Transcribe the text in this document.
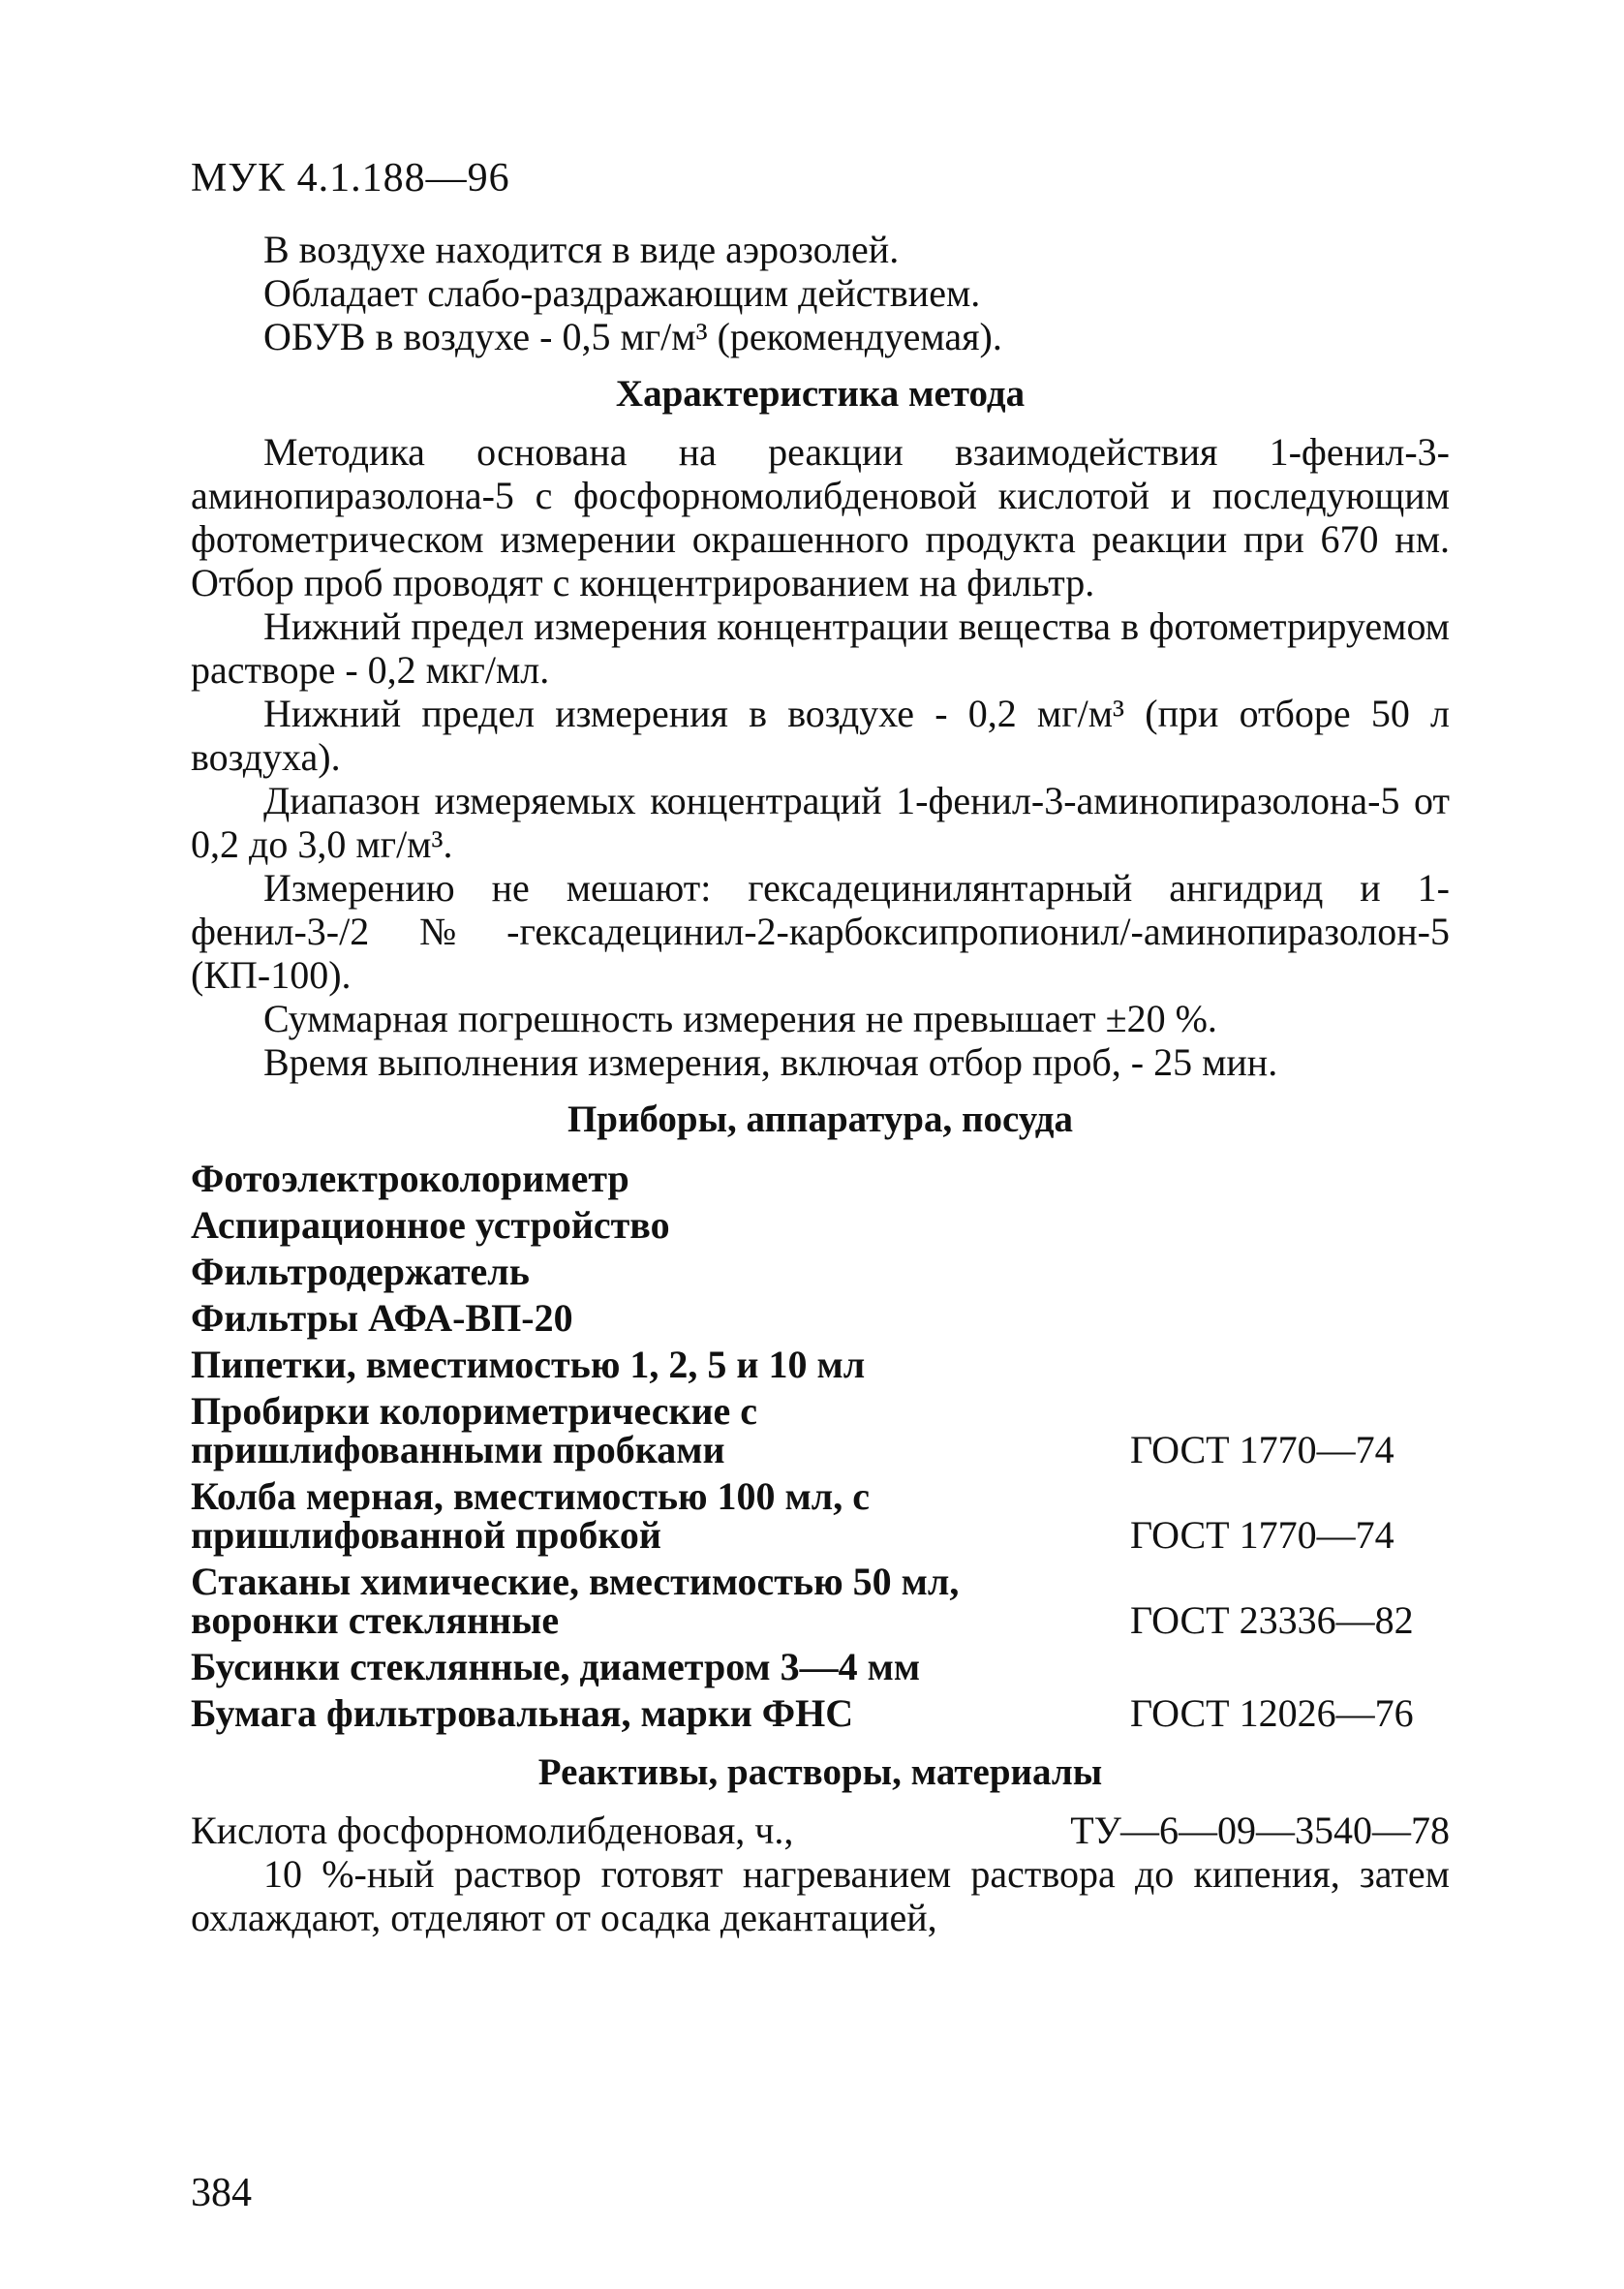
МУК 4.1.188—96

В воздухе находится в виде аэрозолей.

Обладает слабо-раздражающим действием.

ОБУВ в воздухе - 0,5 мг/м³ (рекомендуемая).

Характеристика метода

Методика основана на реакции взаимодействия 1-фенил-3-аминопиразолона-5 с фосфорномолибденовой кислотой и последующим фотометрическом измерении окрашенного продукта реакции при 670 нм. Отбор проб проводят с концентрированием на фильтр.

Нижний предел измерения концентрации вещества в фотометрируемом растворе - 0,2 мкг/мл.

Нижний предел измерения в воздухе - 0,2 мг/м³ (при отборе 50 л воздуха).

Диапазон измеряемых концентраций 1-фенил-3-аминопиразолона-5 от 0,2 до 3,0 мг/м³.

Измерению не мешают: гексадецинилянтарный ангидрид и 1-фенил-3-/2№-гексадецинил-2-карбоксипропионил/-аминопиразолон-5 (КП-100).

Суммарная погрешность измерения не превышает ±20 %.

Время выполнения измерения, включая отбор проб, - 25 мин.

Приборы, аппаратура, посуда
Фотоэлектроколориметр
Аспирационное устройство
Фильтродержатель
Фильтры АФА-ВП-20
Пипетки, вместимостью 1, 2, 5 и 10 мл
Пробирки колориметрические с пришлифованными пробками	ГОСТ 1770—74
Колба мерная, вместимостью 100 мл, с пришлифованной пробкой	ГОСТ 1770—74
Стаканы химические, вместимостью 50 мл, воронки стеклянные	ГОСТ 23336—82
Бусинки стеклянные, диаметром 3—4 мм
Бумага фильтровальная, марки ФНС	ГОСТ 12026—76
Реактивы, растворы, материалы
Кислота фосфорномолибденовая, ч.,	ТУ—6—09—3540—78

10 %-ный раствор готовят нагреванием раствора до кипения, затем охлаждают, отделяют от осадка декантацией,

384
